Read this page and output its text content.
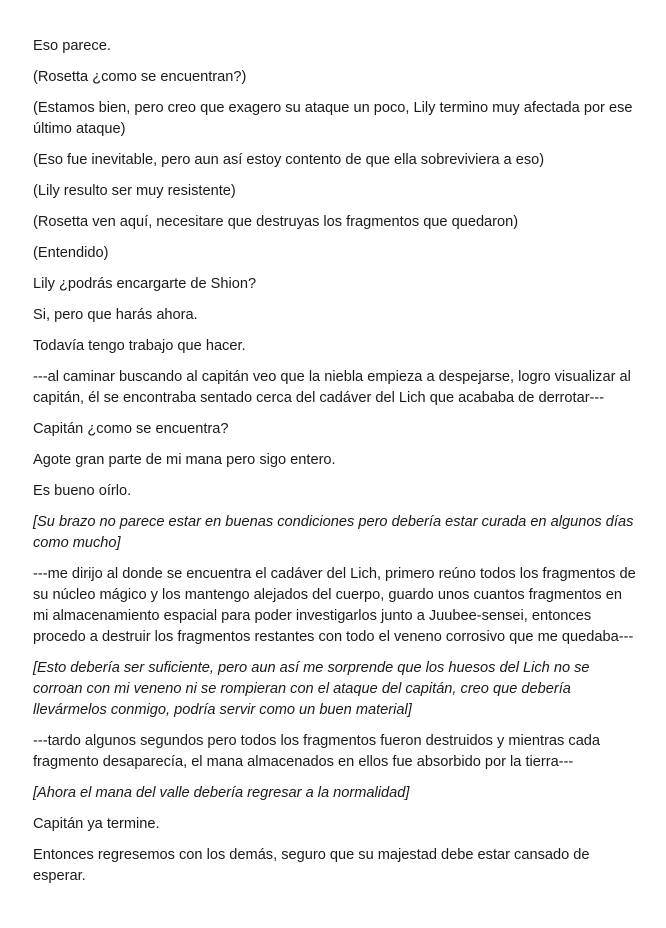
Eso parece.

(Rosetta ¿como se encuentran?)

(Estamos bien, pero creo que exagero su ataque un poco, Lily termino muy afectada por ese último ataque)

(Eso fue inevitable, pero aun así estoy contento de que ella sobreviviera a eso)

(Lily resulto ser muy resistente)

(Rosetta ven aquí, necesitare que destruyas los fragmentos que quedaron)

(Entendido)

Lily ¿podrás encargarte de Shion?

Si, pero que harás ahora.

Todavía tengo trabajo que hacer.

---al caminar buscando al capitán veo que la niebla empieza a despejarse, logro visualizar al capitán, él se encontraba sentado cerca del cadáver del Lich que acababa de derrotar---

Capitán ¿como se encuentra?

Agote gran parte de mi mana pero sigo entero.

Es bueno oírlo.

[Su brazo no parece estar en buenas condiciones pero debería estar curada en algunos días como mucho]

---me dirijo al donde se encuentra el cadáver del Lich, primero reúno todos los fragmentos de su núcleo mágico y los mantengo alejados del cuerpo, guardo unos cuantos fragmentos en mi almacenamiento espacial para poder investigarlos junto a Juubee-sensei, entonces procedo a destruir los fragmentos restantes con todo el veneno corrosivo que me quedaba---

[Esto debería ser suficiente, pero aun así me sorprende que los huesos del Lich no se corroan con mi veneno ni se rompieran con el ataque del capitán, creo que debería llevármelos conmigo, podría servir como un buen material]

---tardo algunos segundos pero todos los fragmentos fueron destruidos y mientras cada fragmento desaparecía, el mana almacenados en ellos fue absorbido por la tierra---

[Ahora el mana del valle debería regresar a la normalidad]

Capitán ya termine.

Entonces regresemos con los demás, seguro que su majestad debe estar cansado de esperar.
